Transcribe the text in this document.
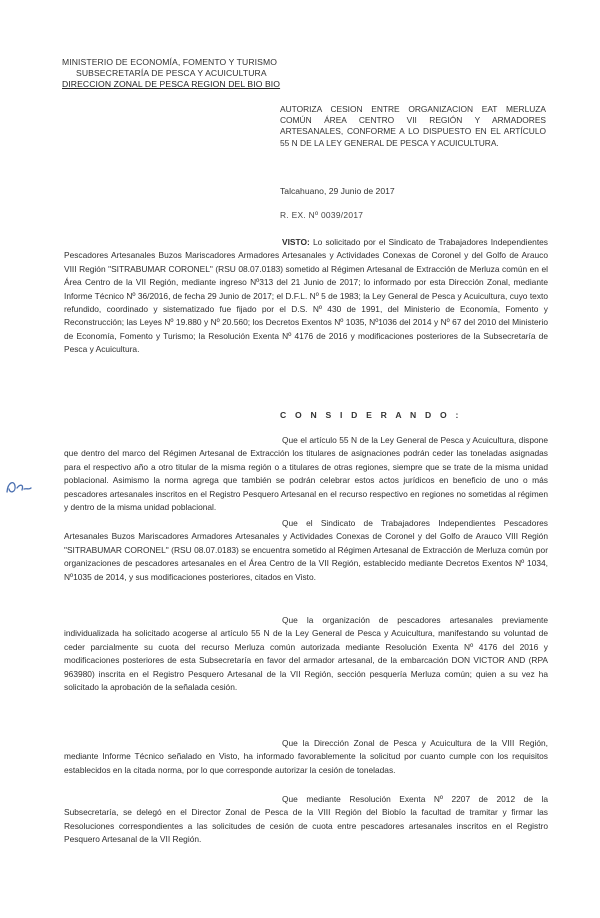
MINISTERIO DE ECONOMÍA, FOMENTO Y TURISMO
SUBSECRETARÍA DE PESCA Y ACUICULTURA
DIRECCION ZONAL DE PESCA REGION DEL BIO BIO
AUTORIZA CESION ENTRE ORGANIZACION EAT MERLUZA COMÚN ÁREA CENTRO VII REGIÓN Y ARMADORES ARTESANALES, CONFORME A LO DISPUESTO EN EL ARTÍCULO 55 N DE LA LEY GENERAL DE PESCA Y ACUICULTURA.
Talcahuano, 29 Junio de 2017
R. EX. Nº 0039/2017

VISTO: Lo solicitado por el Sindicato de Trabajadores Independientes Pescadores Artesanales Buzos Mariscadores Armadores Artesanales y Actividades Conexas de Coronel y del Golfo de Arauco VIII Región "SITRABUMAR CORONEL" (RSU 08.07.0183) sometido al Régimen Artesanal de Extracción de Merluza común en el Área Centro de la VII Región, mediante ingreso Nº313 del 21 Junio de 2017; lo informado por esta Dirección Zonal, mediante Informe Técnico Nº 36/2016, de fecha 29 Junio de 2017; el D.F.L. Nº 5 de 1983; la Ley General de Pesca y Acuicultura, cuyo texto refundido, coordinado y sistematizado fue fijado por el D.S. Nº 430 de 1991, del Ministerio de Economía, Fomento y Reconstrucción; las Leyes Nº 19.880 y Nº 20.560; los Decretos Exentos Nº 1035, Nº1036 del 2014 y Nº 67 del 2010 del Ministerio de Economía, Fomento y Turismo; la Resolución Exenta Nº 4176 de 2016 y modificaciones posteriores de la Subsecretaría de Pesca y Acuicultura.

C O N S I D E R A N D O :

Que el artículo 55 N de la Ley General de Pesca y Acuicultura, dispone que dentro del marco del Régimen Artesanal de Extracción los titulares de asignaciones podrán ceder las toneladas asignadas para el respectivo año a otro titular de la misma región o a titulares de otras regiones, siempre que se trate de la misma unidad poblacional. Asimismo la norma agrega que también se podrán celebrar estos actos jurídicos en beneficio de uno o más pescadores artesanales inscritos en el Registro Pesquero Artesanal en el recurso respectivo en regiones no sometidas al régimen y dentro de la misma unidad poblacional.

Que el Sindicato de Trabajadores Independientes Pescadores Artesanales Buzos Mariscadores Armadores Artesanales y Actividades Conexas de Coronel y del Golfo de Arauco VIII Región "SITRABUMAR CORONEL" (RSU 08.07.0183) se encuentra sometido al Régimen Artesanal de Extracción de Merluza común por organizaciones de pescadores artesanales en el Área Centro de la VII Región, establecido mediante Decretos Exentos Nº 1034, Nº1035 de 2014, y sus modificaciones posteriores, citados en Visto.

Que la organización de pescadores artesanales previamente individualizada ha solicitado acogerse al artículo 55 N de la Ley General de Pesca y Acuicultura, manifestando su voluntad de ceder parcialmente su cuota del recurso Merluza común autorizada mediante Resolución Exenta Nº 4176 del 2016 y modificaciones posteriores de esta Subsecretaría en favor del armador artesanal, de la embarcación DON VICTOR AND (RPA 963980) inscrita en el Registro Pesquero Artesanal de la VII Región, sección pesquería Merluza común; quien a su vez ha solicitado la aprobación de la señalada cesión.

Que la Dirección Zonal de Pesca y Acuicultura de la VIII Región, mediante Informe Técnico señalado en Visto, ha informado favorablemente la solicitud por cuanto cumple con los requisitos establecidos en la citada norma, por lo que corresponde autorizar la cesión de toneladas.

Que mediante Resolución Exenta Nº 2207 de 2012 de la Subsecretaría, se delegó en el Director Zonal de Pesca de la VIII Región del Biobío la facultad de tramitar y firmar las Resoluciones correspondientes a las solicitudes de cesión de cuota entre pescadores artesanales inscritos en el Registro Pesquero Artesanal de la VII Región.
